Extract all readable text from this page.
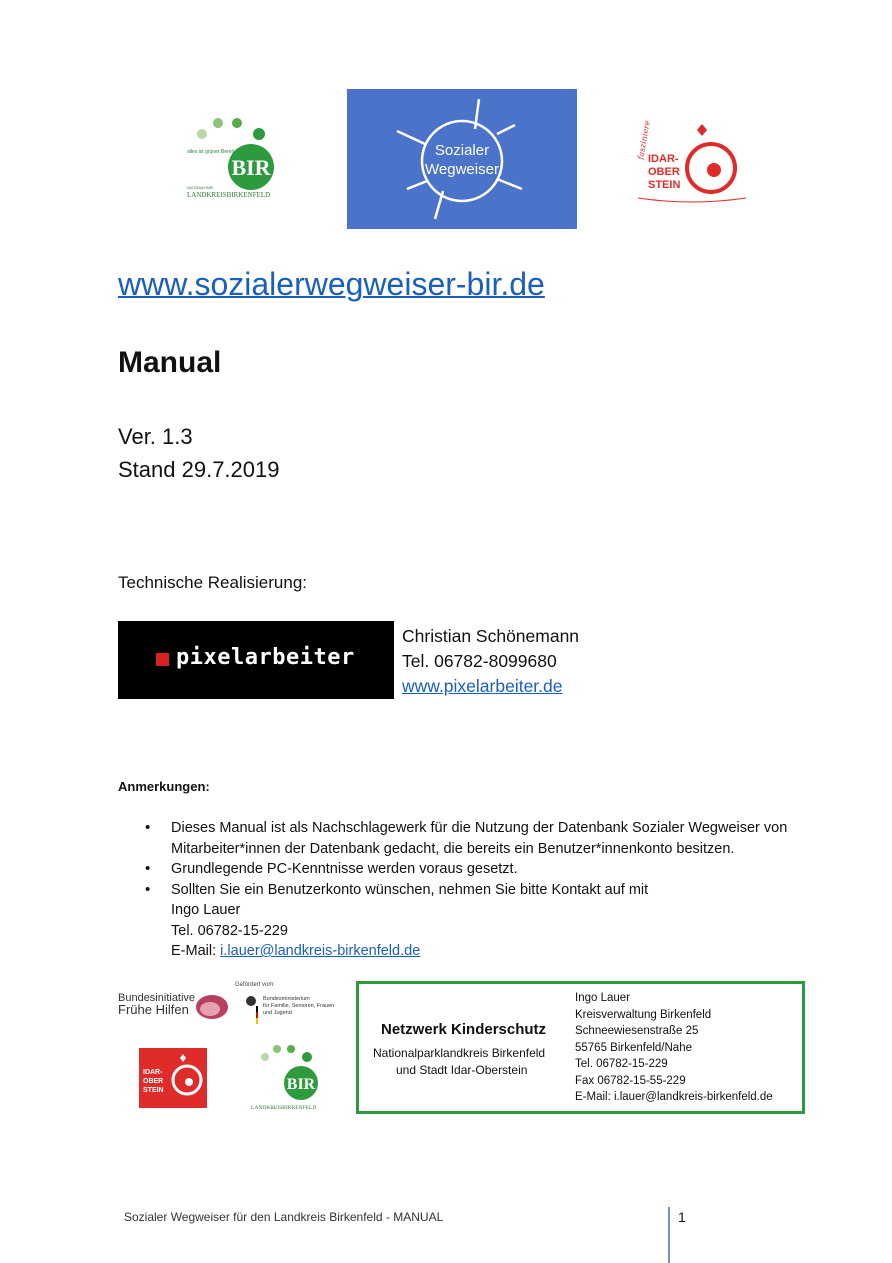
BIR
alles ist grüner Bereit
NATIONALPARK
LANDKREISBIRKENFELD
Sozialer
Wegweiser
faszinierend
IDAR-
OBER
STEIN
www.sozialerwegweiser-bir.de
Manual
Ver. 1.3
Stand 29.7.2019
Technische Realisierung:
pixelarbeiter
Christian Schönemann
Tel. 06782-8099680
www.pixelarbeiter.de
Anmerkungen:
• Dieses Manual ist als Nachschlagewerk für die Nutzung der Datenbank Sozialer Wegweiser von Mitarbeiter*innen der Datenbank gedacht, die bereits ein Benutzer*innenkonto besitzen.
• Grundlegende PC-Kenntnisse werden voraus gesetzt.
• Sollten Sie ein Benutzerkonto wünschen, nehmen Sie bitte Kontakt auf mit
Ingo Lauer
Tel. 06782-15-229
E-Mail: i.lauer@landkreis-birkenfeld.de
Bundesinitiative
Frühe Hilfen
Gefördert vom:
Bundesministerium
für Familie, Senioren, Frauen
und Jugend
IDAR-
OBER
STEIN	BIR
LANDKREISBIRKENFELD
Netzwerk Kinderschutz
Nationalparklandkreis Birkenfeld
und Stadt Idar-Oberstein
Ingo Lauer
Kreisverwaltung Birkenfeld
Schneewiesenstraße 25
55765 Birkenfeld/Nahe
Tel. 06782-15-229
Fax 06782-15-55-229
E-Mail: i.lauer@landkreis-birkenfeld.de
Sozialer Wegweiser für den Landkreis Birkenfeld - MANUAL	1
